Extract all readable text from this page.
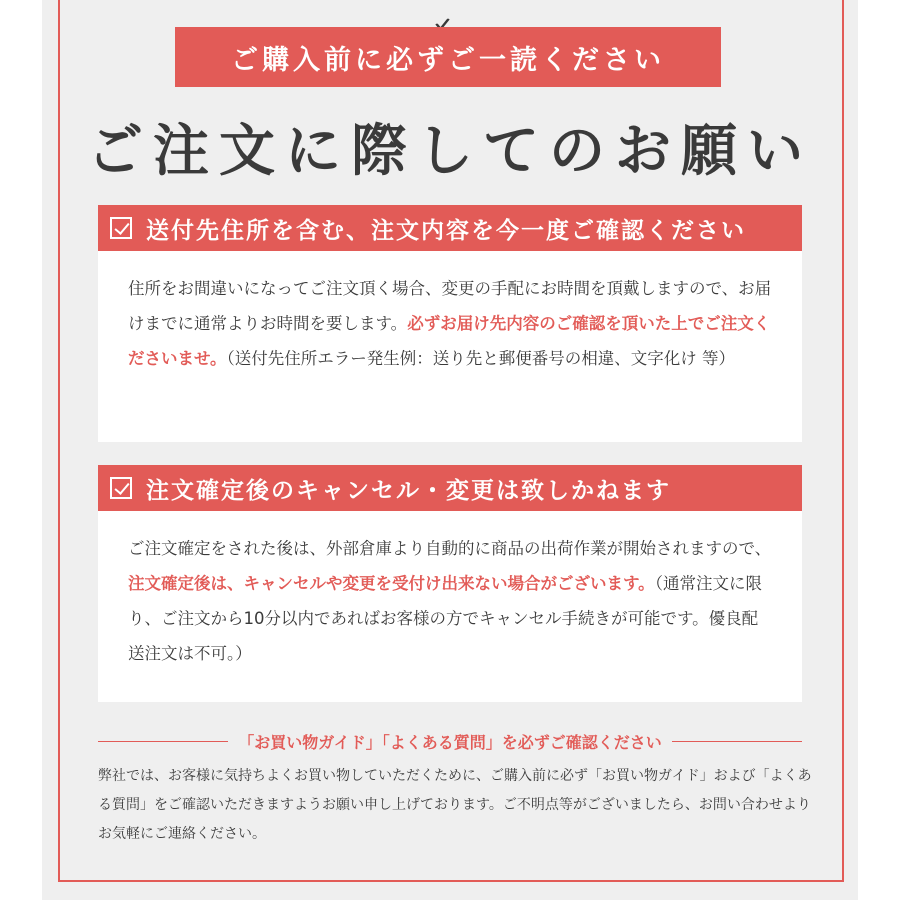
ご購入前に必ずご一読ください
ご注文に際してのお願い
送付先住所を含む、注文内容を今一度ご確認ください
住所をお間違いになってご注文頂く場合、変更の手配にお時間を頂戴しますので、お届けまでに通常よりお時間を要します。必ずお届け先内容のご確認を頂いた上でご注文くださいませ。（送付先住所エラー発生例：送り先と郵便番号の相違、文字化け 等）
注文確定後のキャンセル・変更は致しかねます
ご注文確定をされた後は、外部倉庫より自動的に商品の出荷作業が開始されますので、注文確定後は、キャンセルや変更を受付け出来ない場合がございます。（通常注文に限り、ご注文から10分以内であればお客様の方でキャンセル手続きが可能です。優良配送注文は不可。）
「お買い物ガイド」「よくある質問」を必ずご確認ください

弊社では、お客様に気持ちよくお買い物していただくために、ご購入前に必ず「お買い物ガイド」および「よくある質問」をご確認いただきますようお願い申し上げております。ご不明点等がございましたら、お問い合わせよりお気軽にご連絡ください。
